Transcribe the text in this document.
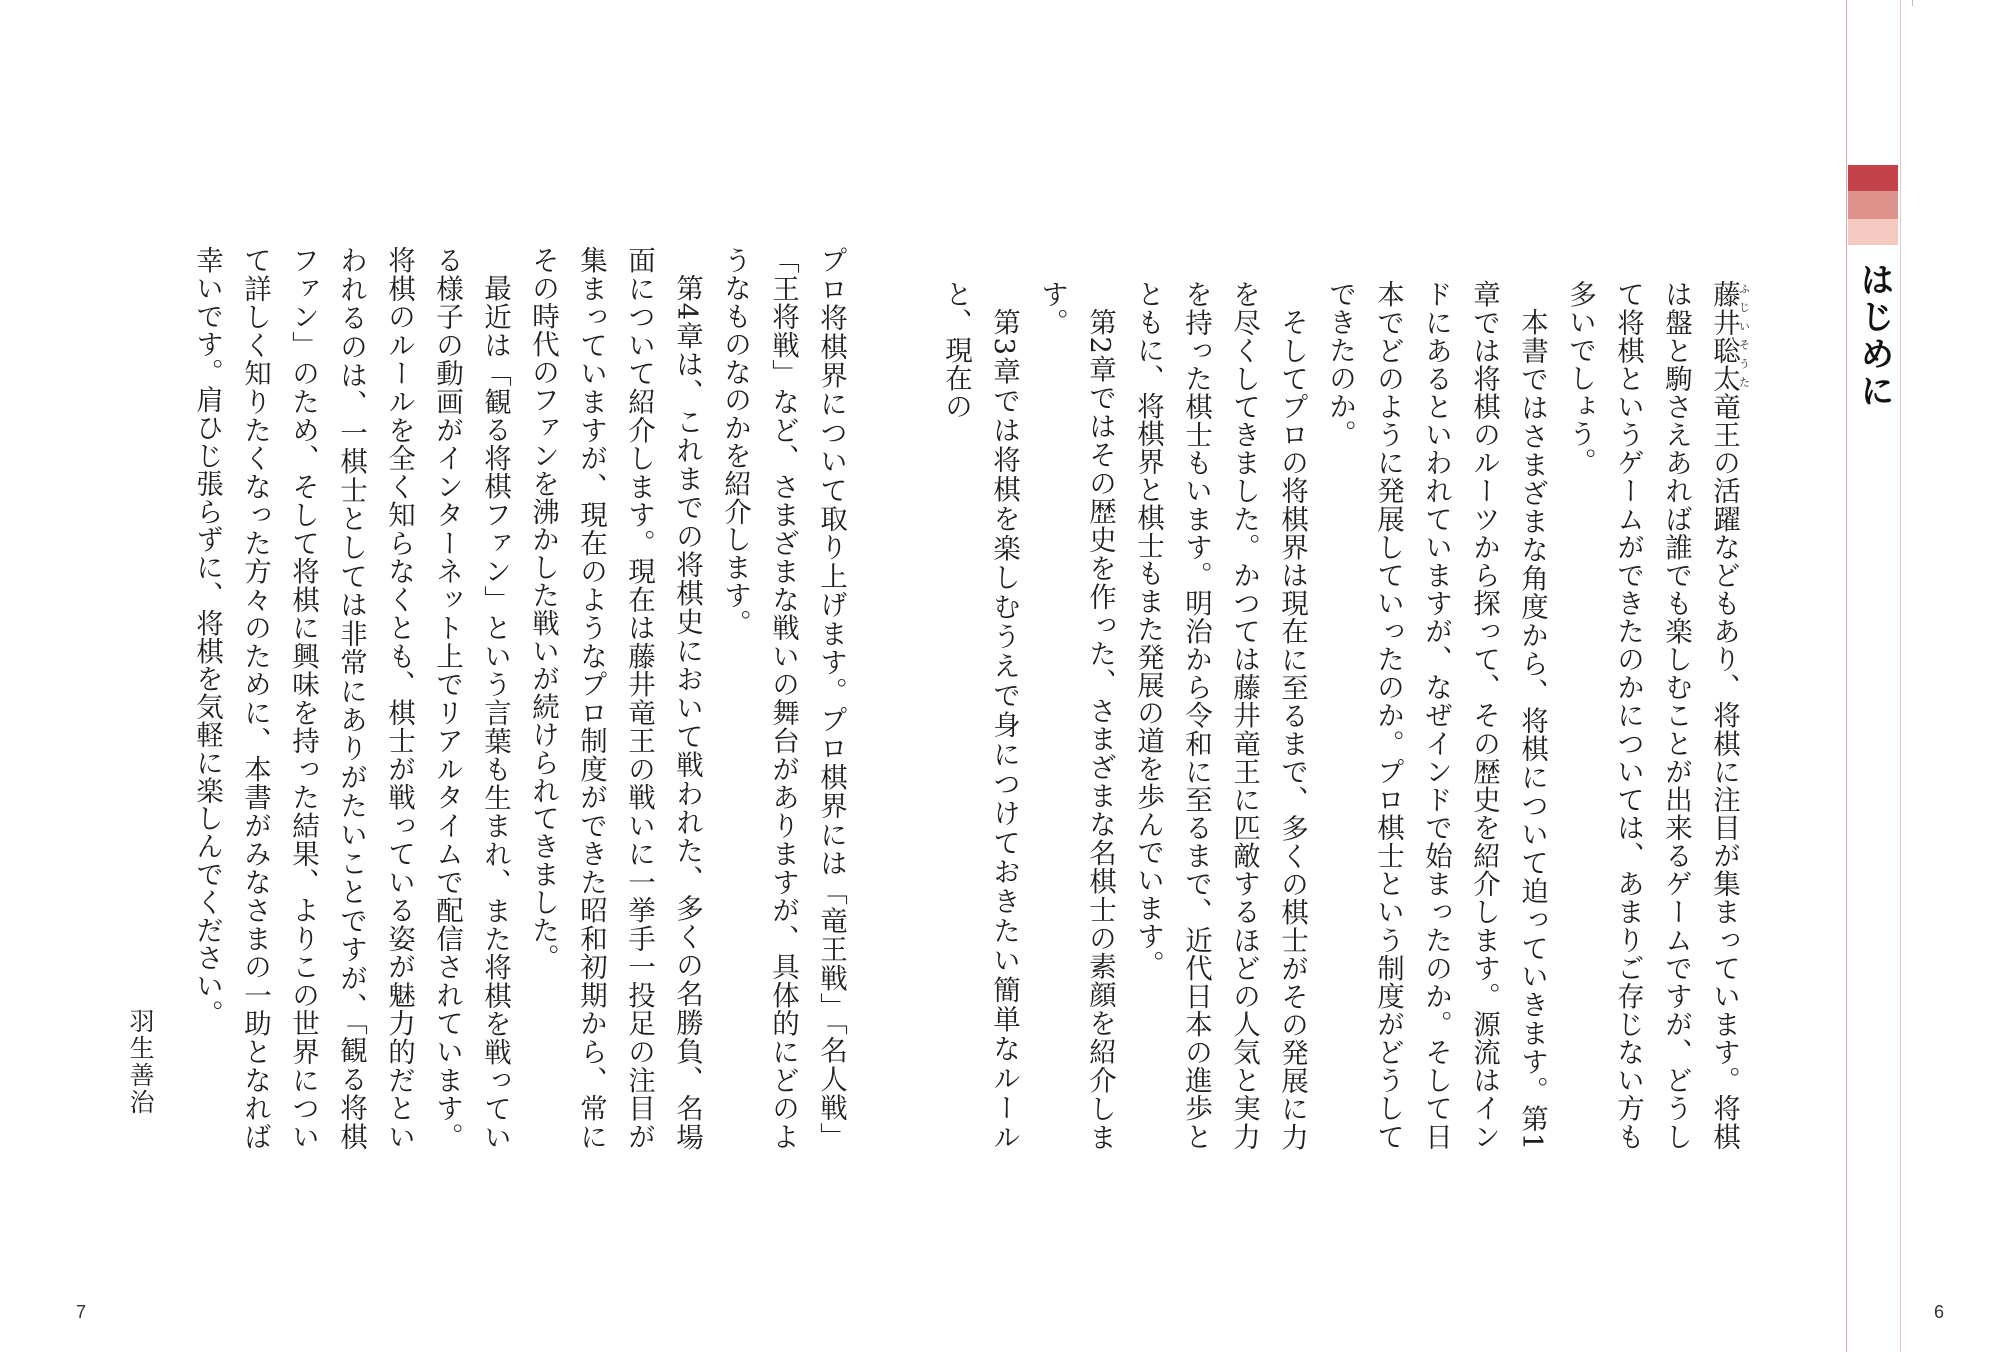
はじめに

藤井聡太ふじいそうた竜王の活躍などもあり、将棋に注目が集まっています。将棋は盤と駒さえあれば誰でも楽しむことが出来るゲームですが、どうして将棋というゲームができたのかについては、あまりご存じない方も多いでしょう。

本書ではさまざまな角度から、将棋について迫っていきます。第1章では将棋のルーツから探って、その歴史を紹介します。源流はインドにあるといわれていますが、なぜインドで始まったのか。そして日本でどのように発展していったのか。プロ棋士という制度がどうしてできたのか。

そしてプロの将棋界は現在に至るまで、多くの棋士がその発展に力を尽くしてきました。かつては藤井竜王に匹敵するほどの人気と実力を持った棋士もいます。明治から令和に至るまで、近代日本の進歩とともに、将棋界と棋士もまた発展の道を歩んでいます。

第2章ではその歴史を作った、さまざまな名棋士の素顔を紹介します。

第3章では将棋を楽しむうえで身につけておきたい簡単なルールと、現在の

プロ将棋界について取り上げます。プロ棋界には「竜王戦」「名人戦」「王将戦」など、さまざまな戦いの舞台がありますが、具体的にどのようなものなのかを紹介します。

第4章は、これまでの将棋史において戦われた、多くの名勝負、名場面について紹介します。現在は藤井竜王の戦いに一挙手一投足の注目が集まっていますが、現在のようなプロ制度ができた昭和初期から、常にその時代のファンを沸かした戦いが続けられてきました。

最近は「観る将棋ファン」という言葉も生まれ、また将棋を戦っている様子の動画がインターネット上でリアルタイムで配信されています。将棋のルールを全く知らなくとも、棋士が戦っている姿が魅力的だといわれるのは、一棋士としては非常にありがたいことですが、「観る将棋ファン」のため、そして将棋に興味を持った結果、よりこの世界について詳しく知りたくなった方々のために、本書がみなさまの一助となれば幸いです。肩ひじ張らずに、将棋を気軽に楽しんでください。

羽生善治
7	6
